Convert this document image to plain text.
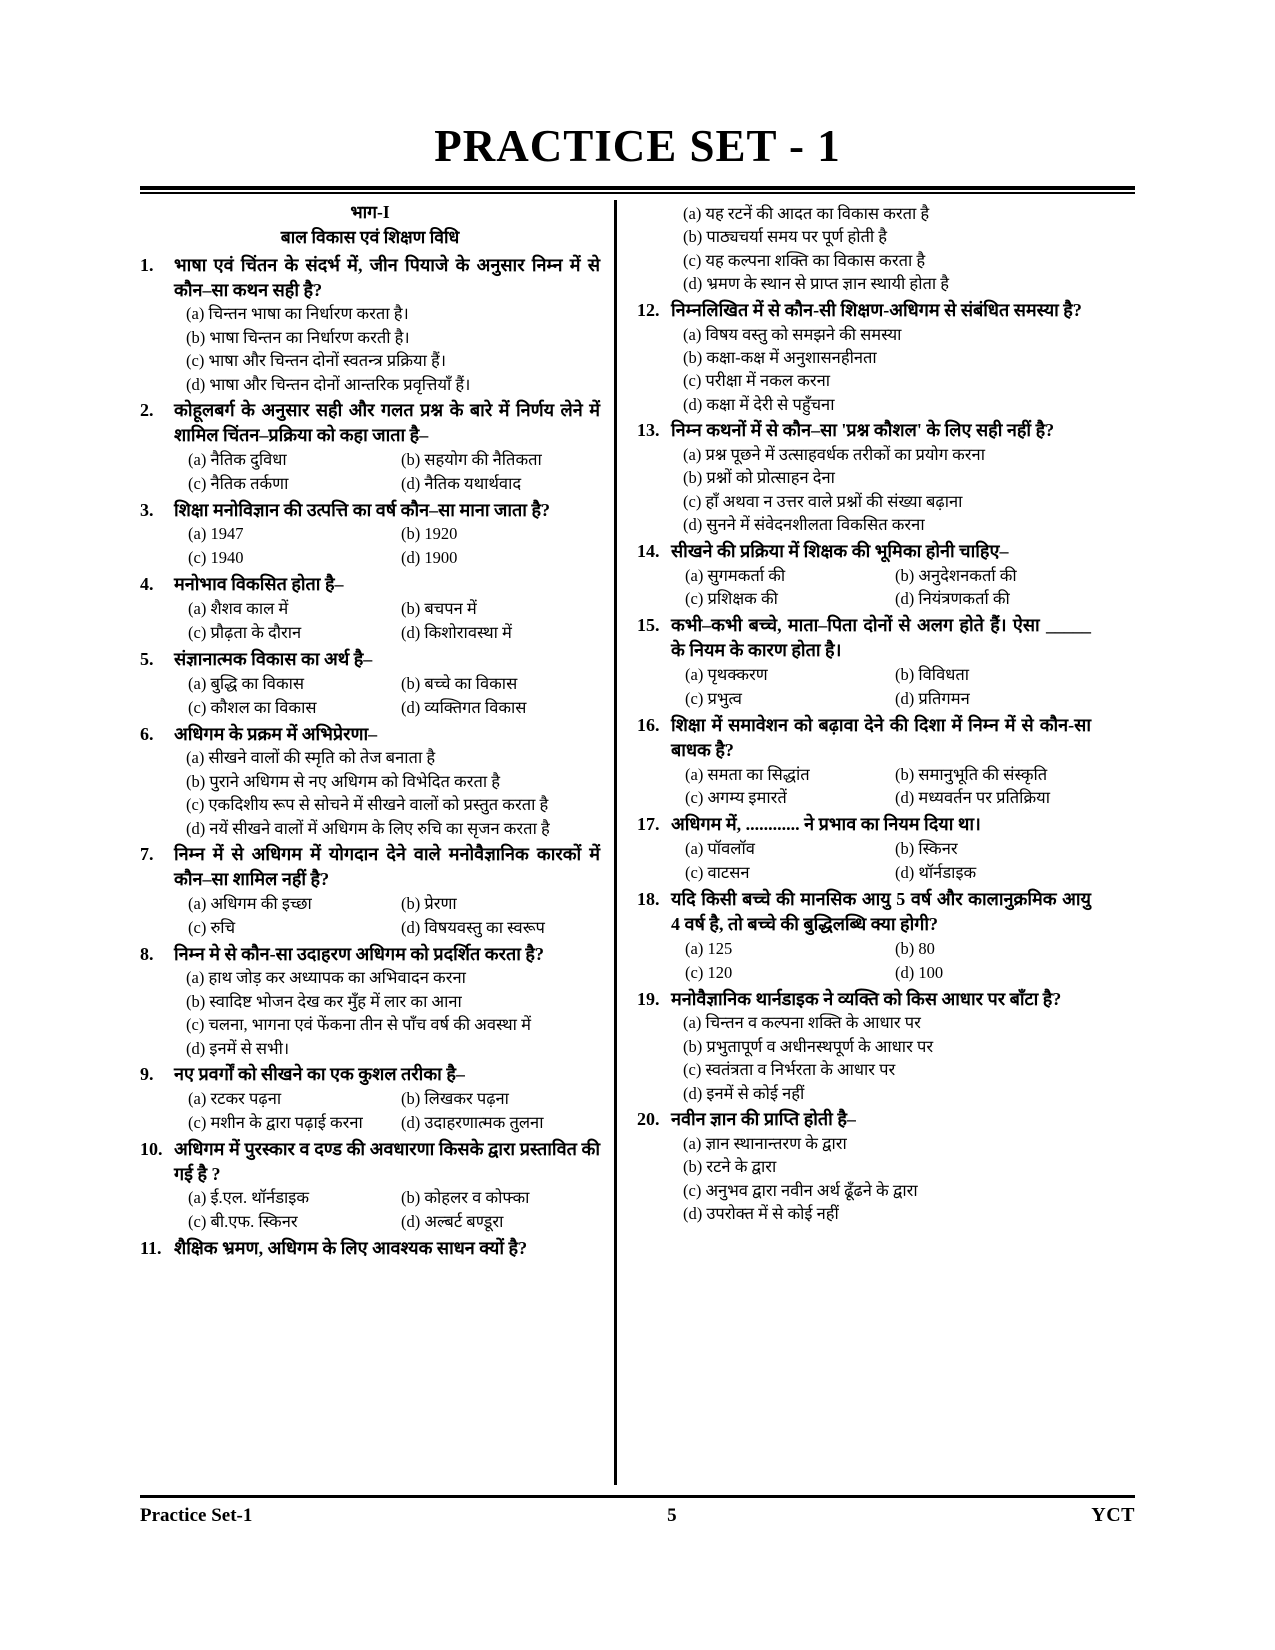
PRACTICE SET - 1
भाग-I
बाल विकास एवं शिक्षण विधि
1.	भाषा एवं चिंतन के संदर्भ में, जीन पियाजे के अनुसार निम्न में से कौन–सा कथन सही है?
(a) चिन्तन भाषा का निर्धारण करता है।
(b) भाषा चिन्तन का निर्धारण करती है।
(c) भाषा और चिन्तन दोनों स्वतन्त्र प्रक्रिया हैं।
(d) भाषा और चिन्तन दोनों आन्तरिक प्रवृत्तियाँ हैं।
2.	कोहूलबर्ग के अनुसार सही और गलत प्रश्न के बारे में निर्णय लेने में शामिल चिंतन–प्रक्रिया को कहा जाता है–
(a) नैतिक दुविधा	(b) सहयोग की नैतिकता
(c) नैतिक तर्कणा	(d) नैतिक यथार्थवाद
3.	शिक्षा मनोविज्ञान की उत्पत्ति का वर्ष कौन–सा माना जाता है?
(a) 1947	(b) 1920
(c) 1940	(d) 1900
4.	मनोभाव विकसित होता है–
(a) शैशव काल में	(b) बचपन में
(c) प्रौढ़ता के दौरान	(d) किशोरावस्था में
5.	संज्ञानात्मक विकास का अर्थ है–
(a) बुद्धि का विकास	(b) बच्चे का विकास
(c) कौशल का विकास	(d) व्यक्तिगत विकास
6.	अधिगम के प्रक्रम में अभिप्रेरणा–
(a) सीखने वालों की स्मृति को तेज बनाता है
(b) पुराने अधिगम से नए अधिगम को विभेदित करता है
(c) एकदिशीय रूप से सोचने में सीखने वालों को प्रस्तुत करता है
(d) नयें सीखने वालों में अधिगम के लिए रुचि का सृजन करता है
7.	निम्न में से अधिगम में योगदान देने वाले मनोवैज्ञानिक कारकों में कौन–सा शामिल नहीं है?
(a) अधिगम की इच्छा	(b) प्रेरणा
(c) रुचि	(d) विषयवस्तु का स्वरूप
8.	निम्न मे से कौन-सा उदाहरण अधिगम को प्रदर्शित करता है?
(a) हाथ जोड़ कर अध्यापक का अभिवादन करना
(b) स्वादिष्ट भोजन देख कर मुँह में लार का आना
(c) चलना, भागना एवं फेंकना तीन से पाँच वर्ष की अवस्था में
(d) इनमें से सभी।
9.	नए प्रवर्गों को सीखने का एक कुशल तरीका है–
(a) रटकर पढ़ना	(b) लिखकर पढ़ना
(c) मशीन के द्वारा पढ़ाई करना	(d) उदाहरणात्मक तुलना
10. अधिगम में पुरस्कार व दण्ड की अवधारणा किसके द्वारा प्रस्तावित की गई है ?
(a) ई.एल. थॉर्नडाइक	(b) कोहलर व कोफ्का
(c) बी.एफ. स्किनर	(d) अल्बर्ट बण्डूरा
11. शैक्षिक भ्रमण, अधिगम के लिए आवश्यक साधन क्यों है?
(a) यह रटनें की आदत का विकास करता है
(b) पाठ्यचर्या समय पर पूर्ण होती है
(c) यह कल्पना शक्ति का विकास करता है
(d) भ्रमण के स्थान से प्राप्त ज्ञान स्थायी होता है
12. निम्नलिखित में से कौन-सी शिक्षण-अधिगम से संबंधित समस्या है?
(a) विषय वस्तु को समझने की समस्या
(b) कक्षा-कक्ष में अनुशासनहीनता
(c) परीक्षा में नकल करना
(d) कक्षा में देरी से पहुँचना
13. निम्न कथनों में से कौन–सा 'प्रश्न कौशल' के लिए सही नहीं है?
(a) प्रश्न पूछने में उत्साहवर्धक तरीकों का प्रयोग करना
(b) प्रश्नों को प्रोत्साहन देना
(c) हाँ अथवा न उत्तर वाले प्रश्नों की संख्या बढ़ाना
(d) सुनने में संवेदनशीलता विकसित करना
14. सीखने की प्रक्रिया में शिक्षक की भूमिका होनी चाहिए–
(a) सुगमकर्ता की	(b) अनुदेशनकर्ता की
(c) प्रशिक्षक की	(d) नियंत्रणकर्ता की
15. कभी–कभी बच्चे, माता–पिता दोनों से अलग होते हैं। ऐसा _____ के नियम के कारण होता है।
(a) पृथक्करण	(b) विविधता
(c) प्रभुत्व	(d) प्रतिगमन
16. शिक्षा में समावेशन को बढ़ावा देने की दिशा में निम्न में से कौन-सा बाधक है?
(a) समता का सिद्धांत	(b) समानुभूति की संस्कृति
(c) अगम्य इमारतें	(d) मध्यवर्तन पर प्रतिक्रिया
17. अधिगम में, ............ ने प्रभाव का नियम दिया था।
(a) पॉवलॉव	(b) स्किनर
(c) वाटसन	(d) थॉर्नडाइक
18. यदि किसी बच्चे की मानसिक आयु 5 वर्ष और कालानुक्रमिक आयु 4 वर्ष है, तो बच्चे की बुद्धिलब्धि क्या होगी?
(a) 125	(b) 80
(c) 120	(d) 100
19. मनोवैज्ञानिक थार्नडाइक ने व्यक्ति को किस आधार पर बाँटा है?
(a) चिन्तन व कल्पना शक्ति के आधार पर
(b) प्रभुतापूर्ण व अधीनस्थपूर्ण के आधार पर
(c) स्वतंत्रता व निर्भरता के आधार पर
(d) इनमें से कोई नहीं
20. नवीन ज्ञान की प्राप्ति होती है–
(a) ज्ञान स्थानान्तरण के द्वारा
(b) रटने के द्वारा
(c) अनुभव द्वारा नवीन अर्थ ढूँढने के द्वारा
(d) उपरोक्त में से कोई नहीं
Practice Set-1	5	YCT
